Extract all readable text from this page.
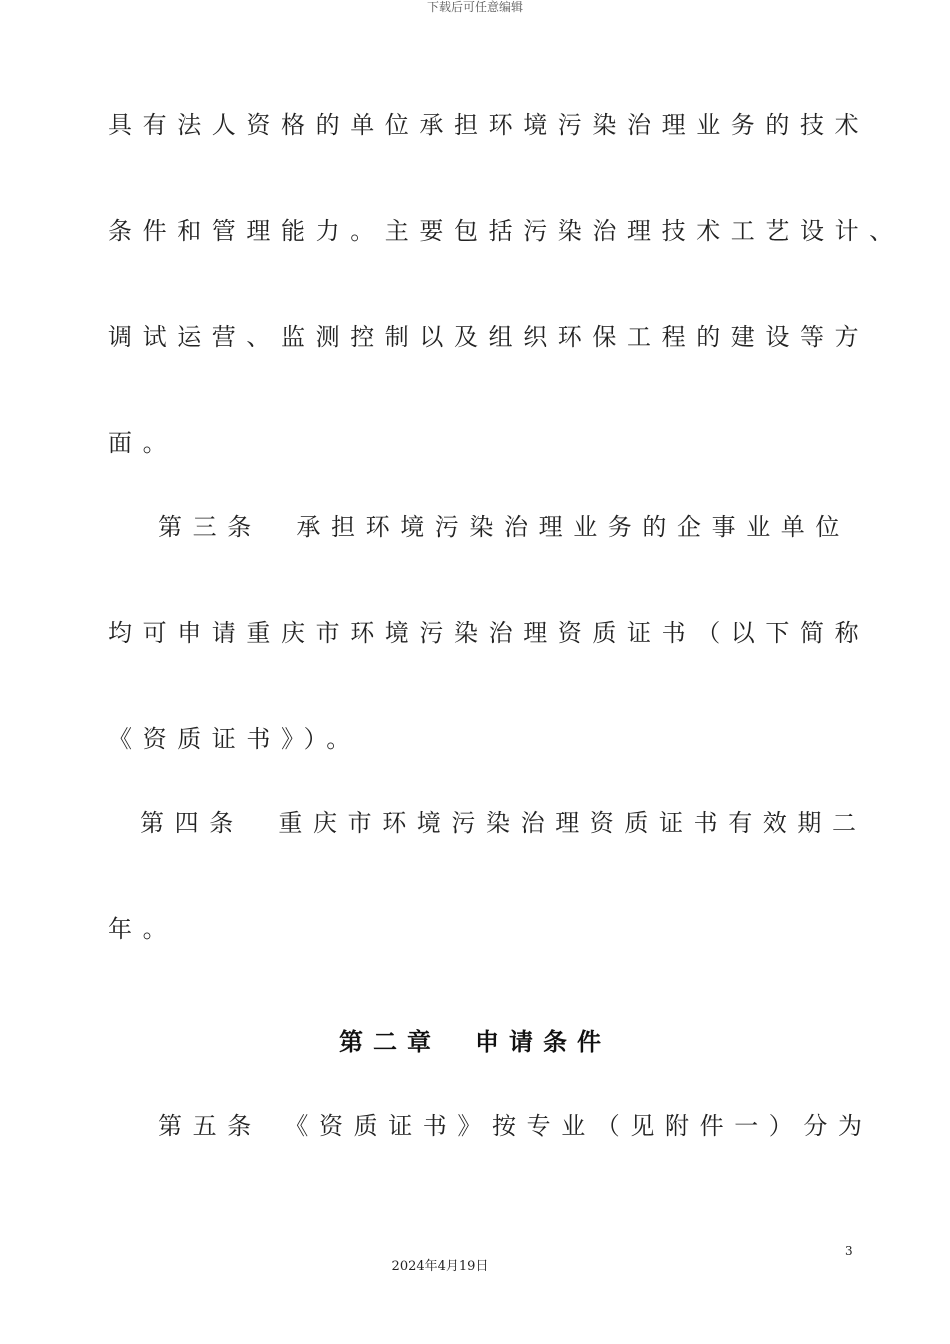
下载后可任意编辑
具有法人资格的单位承担环境污染治理业务的技术
条件和管理能力。主要包括污染治理技术工艺设计、
调试运营、监测控制以及组织环保工程的建设等方
面。
第三条　承担环境污染治理业务的企事业单位
均可申请重庆市环境污染治理资质证书（以下简称
《资质证书》）。
第四条　重庆市环境污染治理资质证书有效期二
年。
第二章　申请条件
第五条　《资质证书》按专业（见附件一）分为
3
2024年4月19日
